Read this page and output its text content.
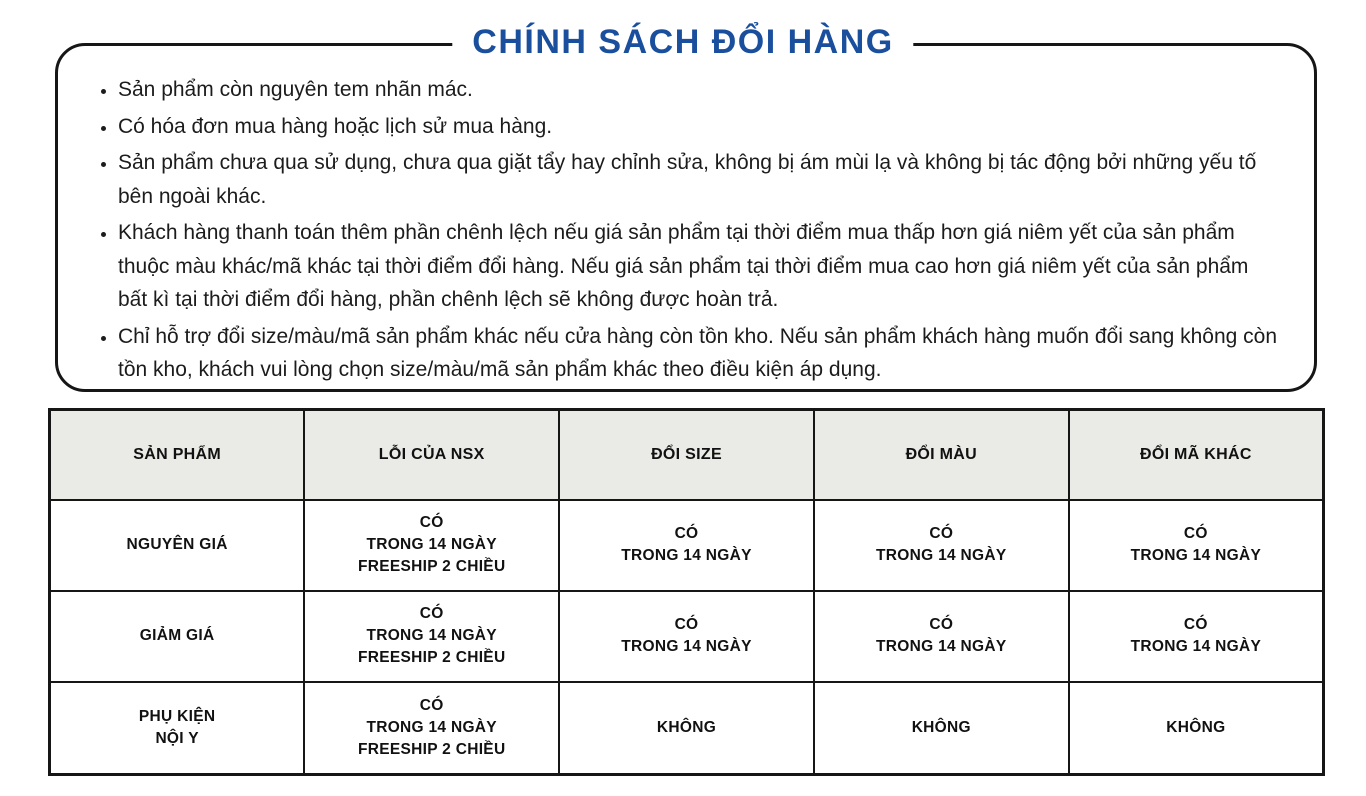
CHÍNH SÁCH ĐỔI HÀNG
• Sản phẩm còn nguyên tem nhãn mác.
• Có hóa đơn mua hàng hoặc lịch sử mua hàng.
• Sản phẩm chưa qua sử dụng, chưa qua giặt tẩy hay chỉnh sửa, không bị ám mùi lạ và không bị tác động bởi những yếu tố bên ngoài khác.
• Khách hàng thanh toán thêm phần chênh lệch nếu giá sản phẩm tại thời điểm mua thấp hơn giá niêm yết của sản phẩm thuộc màu khác/mã khác tại thời điểm đổi hàng. Nếu giá sản phẩm tại thời điểm mua cao hơn giá niêm yết của sản phẩm bất kì tại thời điểm đổi hàng, phần chênh lệch sẽ không được hoàn trả.
• Chỉ hỗ trợ đổi size/màu/mã sản phẩm khác nếu cửa hàng còn tồn kho. Nếu sản phẩm khách hàng muốn đổi sang không còn tồn kho, khách vui lòng chọn size/màu/mã sản phẩm khác theo điều kiện áp dụng.
SẢN PHẨM	LỖI CỦA NSX	ĐỔI SIZE	ĐỔI MÀU	ĐỔI MÃ KHÁC

NGUYÊN GIÁ	CÓ
TRONG 14 NGÀY
FREESHIP 2 CHIỀU	CÓ
TRONG 14 NGÀY	CÓ
TRONG 14 NGÀY	CÓ
TRONG 14 NGÀY

GIẢM GIÁ	CÓ
TRONG 14 NGÀY
FREESHIP 2 CHIỀU	CÓ
TRONG 14 NGÀY	CÓ
TRONG 14 NGÀY	CÓ
TRONG 14 NGÀY

PHỤ KIỆN
NỘI Y	CÓ
TRONG 14 NGÀY
FREESHIP 2 CHIỀU	KHÔNG	KHÔNG	KHÔNG
